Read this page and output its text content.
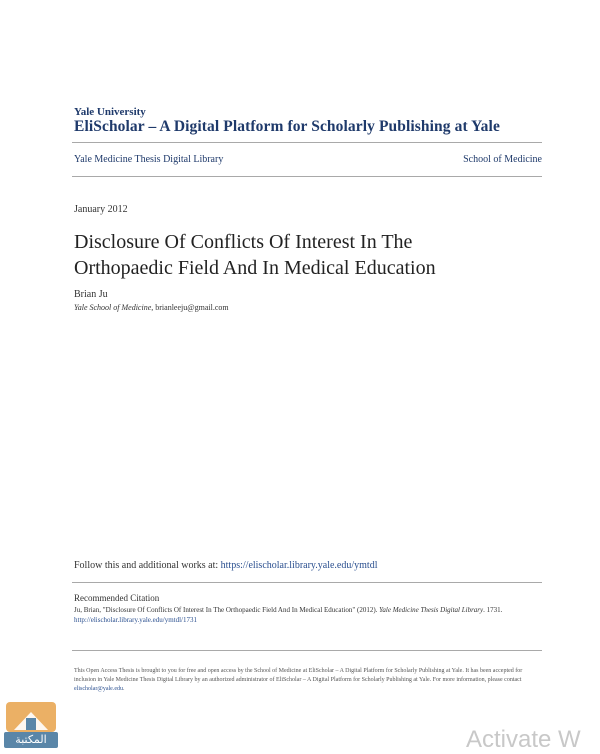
Yale University
EliScholar – A Digital Platform for Scholarly Publishing at Yale
Yale Medicine Thesis Digital Library	School of Medicine
January 2012
Disclosure Of Conflicts Of Interest In The
Orthopaedic Field And In Medical Education
Brian Ju
Yale School of Medicine, brianleeju@gmail.com
Follow this and additional works at: https://elischolar.library.yale.edu/ymtdl
Recommended Citation
Ju, Brian, "Disclosure Of Conflicts Of Interest In The Orthopaedic Field And In Medical Education" (2012). Yale Medicine Thesis Digital Library. 1731.
http://elischolar.library.yale.edu/ymtdl/1731
This Open Access Thesis is brought to you for free and open access by the School of Medicine at EliScholar – A Digital Platform for Scholarly Publishing at Yale. It has been accepted for inclusion in Yale Medicine Thesis Digital Library by an authorized administrator of EliScholar – A Digital Platform for Scholarly Publishing at Yale. For more information, please contact elischolar@yale.edu.
المكتبة	Activate W
